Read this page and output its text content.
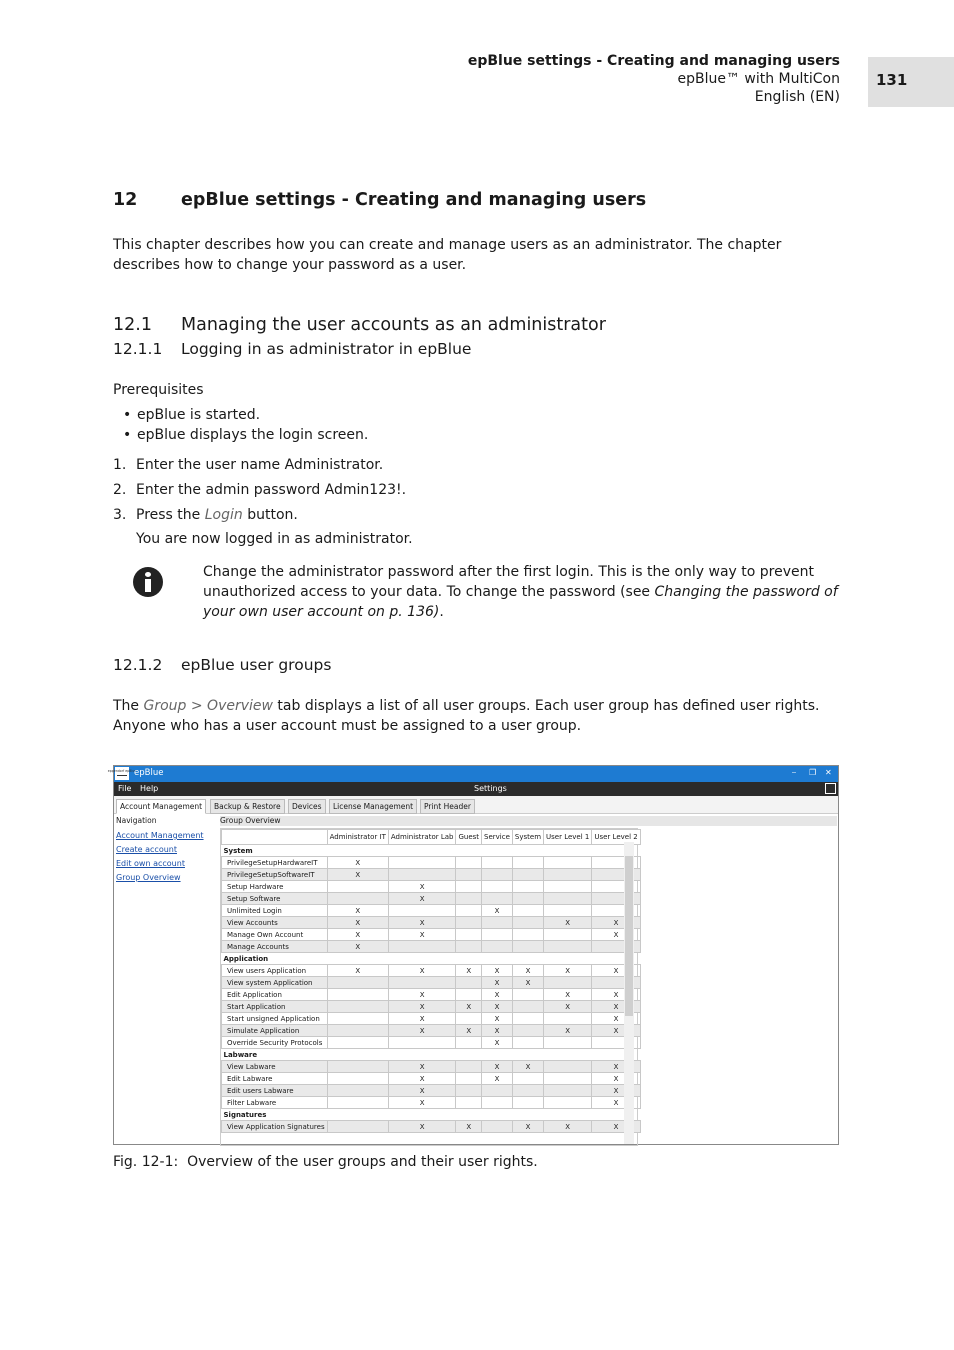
epBlue settings - Creating and managing users
epBlue™ with MultiCon
English (EN)
131
12 epBlue settings - Creating and managing users
This chapter describes how you can create and manage users as an administrator. The chapter describes how to change your password as a user.
12.1 Managing the user accounts as an administrator
12.1.1 Logging in as administrator in epBlue
Prerequisites
• epBlue is started.
• epBlue displays the login screen.
1. Enter the user name Administrator.
2. Enter the admin password Admin123!.
3. Press the Login button.
You are now logged in as administrator.
Change the administrator password after the first login. This is the only way to prevent unauthorized access to your data. To change the password (see Changing the password of your own user account on p. 136).
12.1.2 epBlue user groups
The Group > Overview tab displays a list of all user groups. Each user group has defined user rights. Anyone who has a user account must be assigned to a user group.
eppendorf epBlue
epBlue	⎯ ❐ ✕
File Help	Settings
Account Management	Backup & Restore	Devices	License Management	Print Header
Navigation
Account Management
Create account
Edit own account
Group Overview
Group Overview
	Administrator IT	Administrator Lab	Guest	Service	System	User Level 1	User Level 2
System							
PrivilegeSetupHardwareIT	X						
PrivilegeSetupSoftwareIT	X						
Setup Hardware		X					
Setup Software		X					
Unlimited Login	X			X			
View Accounts	X	X				X	X
Manage Own Account	X	X					X
Manage Accounts	X						
Application							
View users Application	X	X	X	X	X	X	X
View system Application				X	X		
Edit Application		X		X		X	X
Start Application		X	X	X		X	X
Start unsigned Application		X		X			X
Simulate Application		X	X	X		X	X
Override Security Protocols				X			
Labware							
View Labware		X		X	X		X
Edit Labware		X		X			X
Edit users Labware		X					X
Filter Labware		X					X
Signatures							
View Application Signatures		X	X		X	X	X
Fig. 12-1: Overview of the user groups and their user rights.
